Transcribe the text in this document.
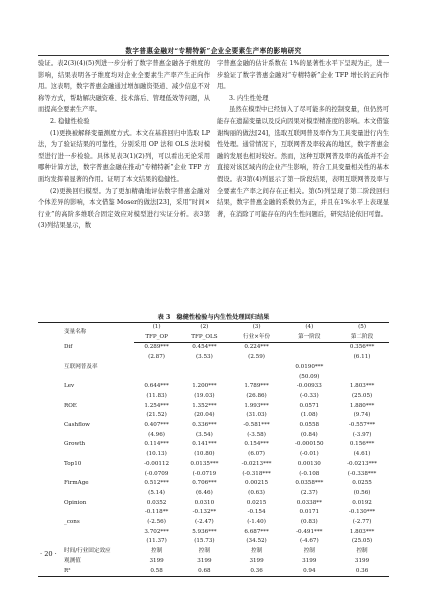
数字普惠金融对“专精特新”企业全要素生产率的影响研究

验证。表2(3)(4)(5)列进一步分析了数字普惠金融各子维度的影响，结果表明各子维度均对企业全要素生产率产生正向作用。这表明，数字普惠金融通过增加融资渠道、减少信息不对称等方式，帮助解决融资难、技术落后、管理低效等问题，从而提高全要素生产率。

2. 稳健性检验

(1)更换被解释变量测度方式。本文在基准回归中选取 LP 法，为了验证结果的可靠性，分别采用 OP 法和 OLS 法对模型进行进一步检验。具体见表3(1)(2)列，可以看出无论采用哪种计算方法，数字普惠金融在推动“专精特新”企业 TFP 方面均发挥着显著的作用。证明了本文结果的稳健性。

(2)更换回归模型。为了更加精确地评估数字普惠金融对个体差异的影响，本文借鉴 Moser的做法[23]，采用“时间×行业”的高阶多维联合固定效应对模型进行实证分析。表3第(3)列结果显示，数

字普惠金融的估计系数在 1%的显著性水平下呈现为正，进一步验证了数字普惠金融对“专精特新”企业 TFP 增长的正向作用。

3. 内生性处理

虽然在模型中已经加入了尽可能多的控制变量，但仍然可能存在遗漏变量以及反向因果对模型精准度的影响。本文借鉴谢绚丽的做法[24]，选取互联网普及率作为工具变量进行内生性处理。通常情况下，互联网普及率较高的地区，数字普惠金融的发展也相对较好。然而，这种互联网普及率的高低并不会直接对该区域内的企业产生影响，符合工具变量相关性的基本假设。表3第(4)列显示了第一阶段结果，表明互联网普及率与全要素生产率之间存在正相关。第(5)列呈现了第二阶段回归结果，数字普惠金融的系数仍为正，并且在1%水平上表现显著，在消除了可能存在的内生性问题后，研究结论依旧可靠。

表 3　稳健性检验与内生性处理回归结果
变量名称	(1)	(2)	(3)	(4)	(5)
	TFP_OP	TFP_OLS	行业×年份	第一阶段	第二阶段
Dif	0.289***	0.454***	0.224***		0.356***
	(2.87)	(3.53)	(2.59)		(6.11)
互联网普及率				0.0190***	
				(50.09)	
Lev	0.644***	1.200***	1.789***	-0.00933	1.803***
	(11.83)	(19.03)	(26.86)	(-0.33)	(25.05)
ROE	1.254***	1.352***	1.993***	0.0571	1.880***
	(21.52)	(20.04)	(31.03)	(1.08)	(9.74)
Cashflow	0.407***	0.336***	-0.581***	0.0558	-0.557***
	(4.96)	(3.54)	(-3.58)	(0.84)	(-3.97)
Growth	0.114***	0.141***	0.154***	-0.000150	0.156***
	(10.13)	(10.80)	(6.07)	(-0.01)	(4.61)
Top10	-0.00112	0.0135***	-0.0213***	0.00130	-0.0213***
	(-0.0709	(-0.0719	(-0.318***	(-0.108	(-0.338***
FirmAge	0.512***	0.706***	0.00215	0.0358***	0.0255
	(5.14)	(6.46)	(0.63)	(2.37)	(0.56)
Opinion	0.0352	0.0310	0.0215	0.0338**	0.0192
	-0.118**	-0.132**	-0.154	0.0171	-0.130***
_cons	(-2.56)	(-2.47)	(-1.40)	(0.83)	(-2.77)
	3.702***	5.936***	6.687***	-0.491***	1.803***
	(11.37)	(15.73)	(34.52)	(-4.67)	(25.05)
时间/行业固定效应	控制	控制	控制	控制	控制
观测值	3199	3199	3199	3199	3199
R²	0.58	0.68	0.36	0.94	0.36
· 20 ·
